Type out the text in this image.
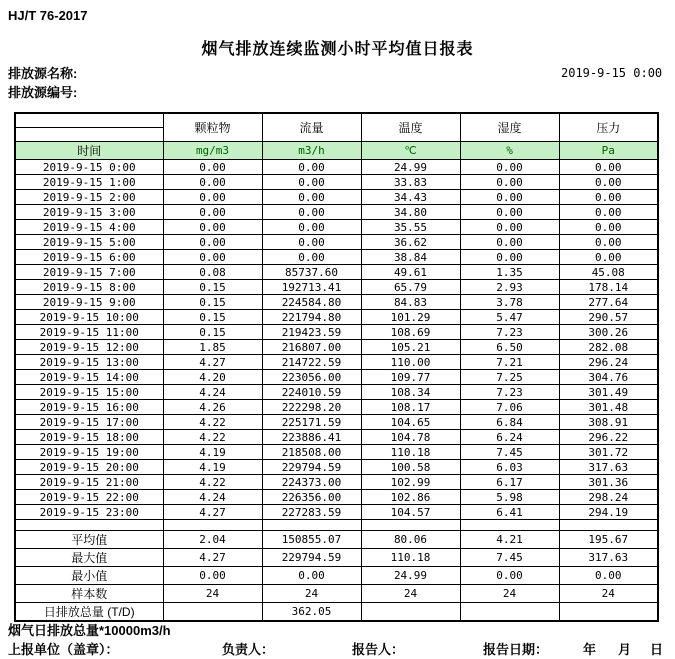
HJ/T 76-2017
烟气排放连续监测小时平均值日报表
排放源名称:
排放源编号:
2019-9-15 0:00
	颗粒物	流量	温度	湿度	压力

时间	mg/m3	m3/h	℃	%	Pa
2019-9-15 0:00	0.00	0.00	24.99	0.00	0.00
2019-9-15 1:00	0.00	0.00	33.83	0.00	0.00
2019-9-15 2:00	0.00	0.00	34.43	0.00	0.00
2019-9-15 3:00	0.00	0.00	34.80	0.00	0.00
2019-9-15 4:00	0.00	0.00	35.55	0.00	0.00
2019-9-15 5:00	0.00	0.00	36.62	0.00	0.00
2019-9-15 6:00	0.00	0.00	38.84	0.00	0.00
2019-9-15 7:00	0.08	85737.60	49.61	1.35	45.08
2019-9-15 8:00	0.15	192713.41	65.79	2.93	178.14
2019-9-15 9:00	0.15	224584.80	84.83	3.78	277.64
2019-9-15 10:00	0.15	221794.80	101.29	5.47	290.57
2019-9-15 11:00	0.15	219423.59	108.69	7.23	300.26
2019-9-15 12:00	1.85	216807.00	105.21	6.50	282.08
2019-9-15 13:00	4.27	214722.59	110.00	7.21	296.24
2019-9-15 14:00	4.20	223056.00	109.77	7.25	304.76
2019-9-15 15:00	4.24	224010.59	108.34	7.23	301.49
2019-9-15 16:00	4.26	222298.20	108.17	7.06	301.48
2019-9-15 17:00	4.22	225171.59	104.65	6.84	308.91
2019-9-15 18:00	4.22	223886.41	104.78	6.24	296.22
2019-9-15 19:00	4.19	218508.00	110.18	7.45	301.72
2019-9-15 20:00	4.19	229794.59	100.58	6.03	317.63
2019-9-15 21:00	4.22	224373.00	102.99	6.17	301.36
2019-9-15 22:00	4.24	226356.00	102.86	5.98	298.24
2019-9-15 23:00	4.27	227283.59	104.57	6.41	294.19

平均值	2.04	150855.07	80.06	4.21	195.67
最大值	4.27	229794.59	110.18	7.45	317.63
最小值	0.00	0.00	24.99	0.00	0.00
样本数	24	24	24	24	24
日排放总量 (T/D)		362.05			
烟气日排放总量*10000m3/h
上报单位（盖章）：	负责人：	报告人：	报告日期：	年 月 日
